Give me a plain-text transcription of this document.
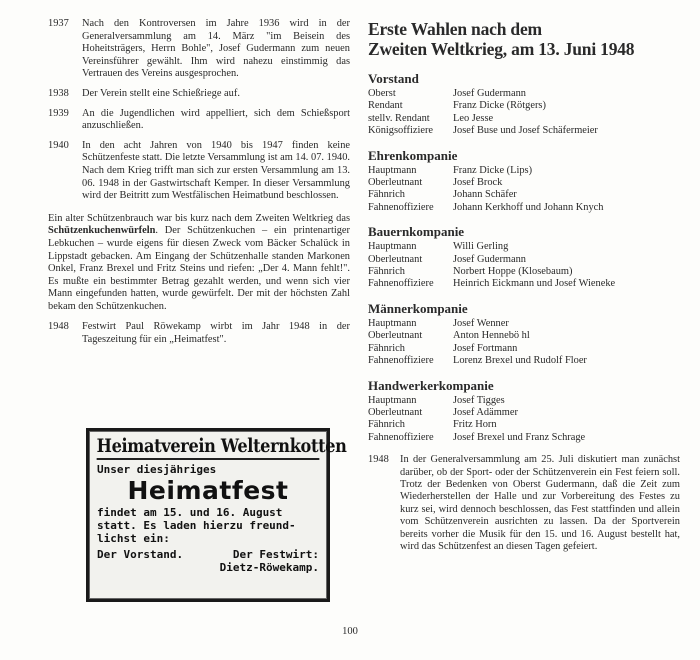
1937	Nach den Kontroversen im Jahre 1936 wird in der Generalversammlung am 14. März "im Beisein des Hoheitsträgers, Herrn Bohle", Josef Gudermann zum neuen Vereinsführer gewählt. Ihm wird nahezu einstimmig das Vertrauen des Vereins ausgesprochen.
1938	Der Verein stellt eine Schießriege auf.
1939	An die Jugendlichen wird appelliert, sich dem Schießsport anzuschließen.
1940	In den acht Jahren von 1940 bis 1947 finden keine Schützenfeste statt. Die letzte Versammlung ist am 14. 07. 1940. Nach dem Krieg trifft man sich zur ersten Versammlung am 13. 06. 1948 in der Gastwirtschaft Kemper. In dieser Versammlung wird der Beitritt zum Westfälischen Heimatbund beschlossen.

Ein alter Schützenbrauch war bis kurz nach dem Zweiten Weltkrieg das Schützenkuchenwürfeln. Der Schützenkuchen – ein printenartiger Lebkuchen – wurde eigens für diesen Zweck vom Bäcker Schalück in Lippstadt gebacken. Am Eingang der Schützenhalle standen Markonen Onkel, Franz Brexel und Fritz Steins und riefen: „Der 4. Mann fehlt!". Es mußte ein bestimmter Betrag gezahlt werden, und wenn sich vier Mann eingefunden hatten, wurde gewürfelt. Der mit der höchsten Zahl bekam den Schützenkuchen.

1948	Festwirt Paul Röwekamp wirbt im Jahr 1948 in der Tageszeitung für ein „Heimatfest".
Heimatverein Welternkotten
Unser diesjähriges
Heimatfest
findet am 15. und 16. August
statt. Es laden hierzu freund-
lichst ein:
Der Vorstand.	Der Festwirt:
Dietz-Röwekamp.
Erste Wahlen nach dem
Zweiten Weltkrieg, am 13. Juni 1948
Vorstand
Oberst	Josef Gudermann
Rendant	Franz Dicke (Rötgers)
stellv. Rendant	Leo Jesse
Königsoffiziere	Josef Buse und Josef Schäfermeier
Ehrenkompanie
Hauptmann	Franz Dicke (Lips)
Oberleutnant	Josef Brock
Fähnrich	Johann Schäfer
Fahnenoffiziere	Johann Kerkhoff und Johann Knych
Bauernkompanie
Hauptmann	Willi Gerling
Oberleutnant	Josef Gudermann
Fähnrich	Norbert Hoppe (Klosebaum)
Fahnenoffiziere	Heinrich Eickmann und Josef Wieneke
Männerkompanie
Hauptmann	Josef Wenner
Oberleutnant	Anton Hennebö hl
Fähnrich	Josef Fortmann
Fahnenoffiziere	Lorenz Brexel und Rudolf Floer
Handwerkerkompanie
Hauptmann	Josef Tigges
Oberleutnant	Josef Adämmer
Fähnrich	Fritz Horn
Fahnenoffiziere	Josef Brexel und Franz Schrage
1948	In der Generalversammlung am 25. Juli diskutiert man zunächst darüber, ob der Sport- oder der Schützenverein ein Fest feiern soll. Trotz der Bedenken von Oberst Gudermann, daß die Zeit zum Wiederherstellen der Halle und zur Vorbereitung des Festes zu kurz sei, wird dennoch beschlossen, das Fest stattfinden und allein vom Schützenverein ausrichten zu lassen. Da der Sportverein bereits vorher die Musik für den 15. und 16. August bestellt hat, wird das Schützenfest an diesen Tagen gefeiert.
100
